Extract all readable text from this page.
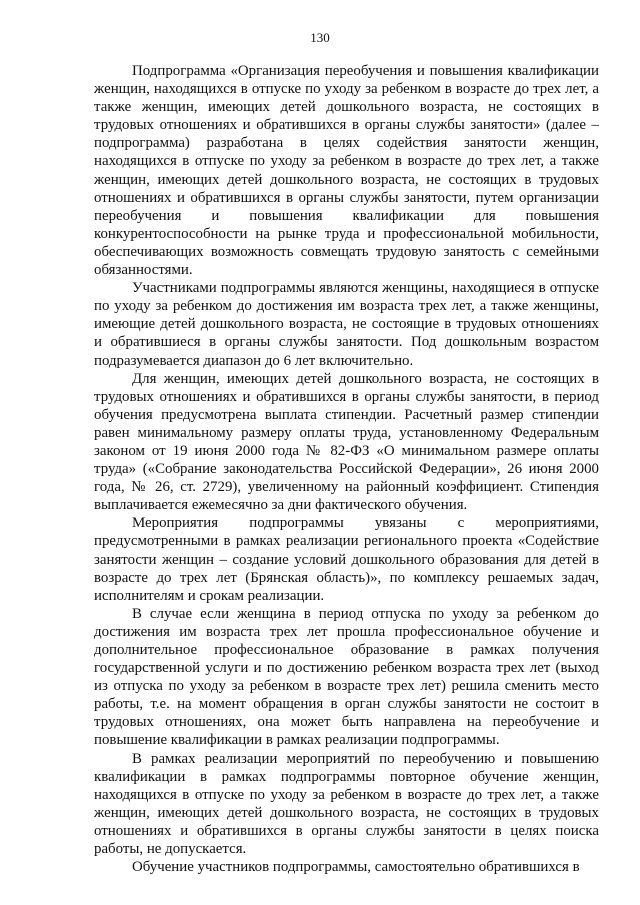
130

Подпрограмма «Организация переобучения и повышения квалификации женщин, находящихся в отпуске по уходу за ребенком в возрасте до трех лет, а также женщин, имеющих детей дошкольного возраста, не состоящих в трудовых отношениях и обратившихся в органы службы занятости» (далее – подпрограмма) разработана в целях содействия занятости женщин, находящихся в отпуске по уходу за ребенком в возрасте до трех лет, а также женщин, имеющих детей дошкольного возраста, не состоящих в трудовых отношениях и обратившихся в органы службы занятости, путем организации переобучения и повышения квалификации для повышения конкурентоспособности на рынке труда и профессиональной мобильности, обеспечивающих возможность совмещать трудовую занятость с семейными обязанностями.

Участниками подпрограммы являются женщины, находящиеся в отпуске по уходу за ребенком до достижения им возраста трех лет, а также женщины, имеющие детей дошкольного возраста, не состоящие в трудовых отношениях и обратившиеся в органы службы занятости. Под дошкольным возрастом подразумевается диапазон до 6 лет включительно.

Для женщин, имеющих детей дошкольного возраста, не состоящих в трудовых отношениях и обратившихся в органы службы занятости, в период обучения предусмотрена выплата стипендии. Расчетный размер стипендии равен минимальному размеру оплаты труда, установленному Федеральным законом от 19 июня 2000 года № 82-ФЗ «О минимальном размере оплаты труда» («Собрание законодательства Российской Федерации», 26 июня 2000 года, № 26, ст. 2729), увеличенному на районный коэффициент. Стипендия выплачивается ежемесячно за дни фактического обучения.

Мероприятия подпрограммы увязаны с мероприятиями, предусмотренными в рамках реализации регионального проекта «Содействие занятости женщин – создание условий дошкольного образования для детей в возрасте до трех лет (Брянская область)», по комплексу решаемых задач, исполнителям и срокам реализации.

В случае если женщина в период отпуска по уходу за ребенком до достижения им возраста трех лет прошла профессиональное обучение и дополнительное профессиональное образование в рамках получения государственной услуги и по достижению ребенком возраста трех лет (выход из отпуска по уходу за ребенком в возрасте трех лет) решила сменить место работы, т.е. на момент обращения в орган службы занятости не состоит в трудовых отношениях, она может быть направлена на переобучение и повышение квалификации в рамках реализации подпрограммы.

В рамках реализации мероприятий по переобучению и повышению квалификации в рамках подпрограммы повторное обучение женщин, находящихся в отпуске по уходу за ребенком в возрасте до трех лет, а также женщин, имеющих детей дошкольного возраста, не состоящих в трудовых отношениях и обратившихся в органы службы занятости в целях поиска работы, не допускается.

Обучение участников подпрограммы, самостоятельно обратившихся в
